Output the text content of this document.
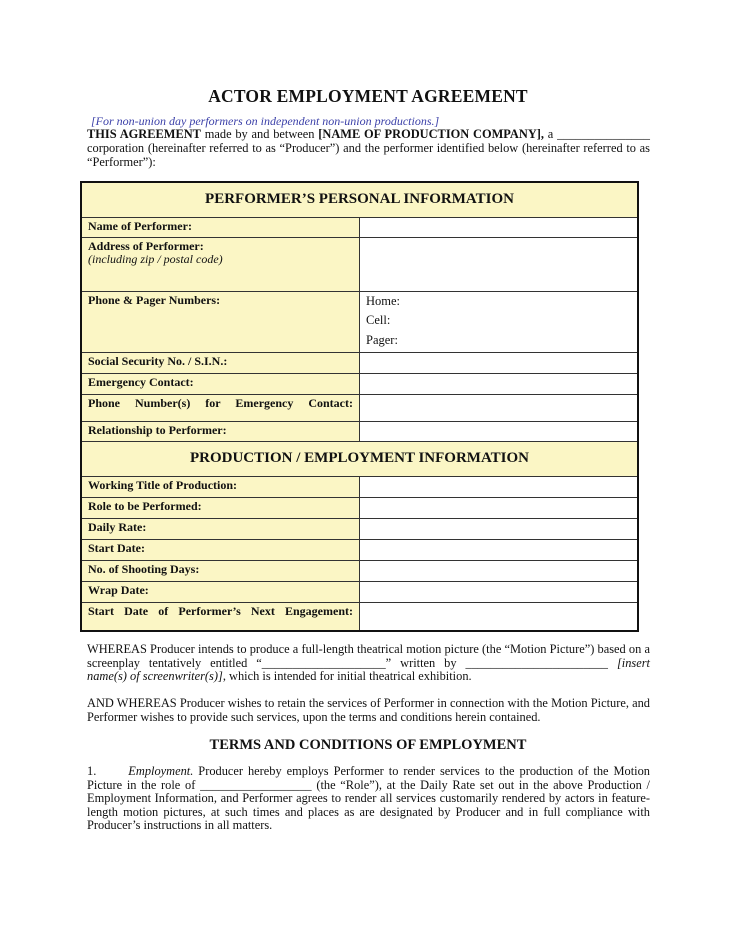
ACTOR EMPLOYMENT AGREEMENT
[For non-union day performers on independent non-union productions.]
THIS AGREEMENT made by and between [NAME OF PRODUCTION COMPANY], a _______________ corporation (hereinafter referred to as “Producer”) and the performer identified below (hereinafter referred to as “Performer”):
PERFORMER’S PERSONAL INFORMATION	
Name of Performer:	

Address of Performer:
(including zip / postal code)	

Phone & Pager Numbers:	Home:
Cell:
Pager:

Social Security No. / S.I.N.:	
Emergency Contact:	
Phone Number(s) for Emergency Contact:	
Relationship to Performer:	
PRODUCTION / EMPLOYMENT INFORMATION	
Working Title of Production:	
Role to be Performed:	
Daily Rate:	
Start Date:	
No. of Shooting Days:	
Wrap Date:	
Start Date of Performer’s Next Engagement:	
WHEREAS Producer intends to produce a full-length theatrical motion picture (the “Motion Picture”) based on a screenplay tentatively entitled “____________________” written by _______________________ [insert name(s) of screenwriter(s)], which is intended for initial theatrical exhibition.
AND WHEREAS Producer wishes to retain the services of Performer in connection with the Motion Picture, and Performer wishes to provide such services, upon the terms and conditions herein contained.
TERMS AND CONDITIONS OF EMPLOYMENT
1.	Employment. Producer hereby employs Performer to render services to the production of the Motion Picture in the role of __________________ (the “Role”), at the Daily Rate set out in the above Production / Employment Information, and Performer agrees to render all services customarily rendered by actors in feature-length motion pictures, at such times and places as are designated by Producer and in full compliance with Producer’s instructions in all matters.
